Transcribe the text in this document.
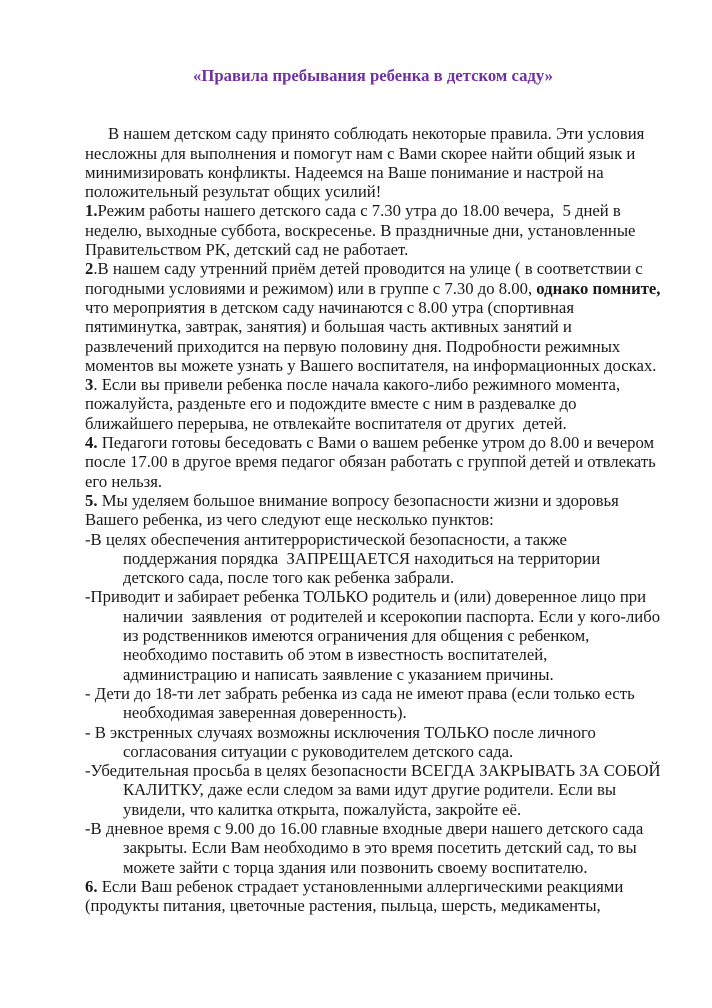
«Правила пребывания ребенка в детском саду»

В нашем детском саду принято соблюдать некоторые правила. Эти условия несложны для выполнения и помогут нам с Вами скорее найти общий язык и минимизировать конфликты. Надеемся на Ваше понимание и настрой на положительный результат общих усилий!

1.Режим работы нашего детского сада с 7.30 утра до 18.00 вечера,  5 дней в неделю, выходные суббота, воскресенье. В праздничные дни, установленные Правительством РК, детский сад не работает.

2.В нашем саду утренний приём детей проводится на улице ( в соответствии с погодными условиями и режимом) или в группе с 7.30 до 8.00, однако помните, что мероприятия в детском саду начинаются с 8.00 утра (спортивная пятиминутка, завтрак, занятия) и большая часть активных занятий и развлечений приходится на первую половину дня. Подробности режимных моментов вы можете узнать у Вашего воспитателя, на информационных досках.

3. Если вы привели ребенка после начала какого-либо режимного момента, пожалуйста, разденьте его и подождите вместе с ним в раздевалке до ближайшего перерыва, не отвлекайте воспитателя от других  детей.

4. Педагоги готовы беседовать с Вами о вашем ребенке утром до 8.00 и вечером после 17.00 в другое время педагог обязан работать с группой детей и отвлекать его нельзя.

5. Мы уделяем большое внимание вопросу безопасности жизни и здоровья Вашего ребенка, из чего следуют еще несколько пунктов:

-В целях обеспечения антитеррористической безопасности, а также поддержания порядка  ЗАПРЕЩАЕТСЯ находиться на территории детского сада, после того как ребенка забрали.

-Приводит и забирает ребенка ТОЛЬКО родитель и (или) доверенное лицо при наличии  заявления  от родителей и ксерокопии паспорта. Если у кого-либо из родственников имеются ограничения для общения с ребенком, необходимо поставить об этом в известность воспитателей, администрацию и написать заявление с указанием причины.

- Дети до 18-ти лет забрать ребенка из сада не имеют права (если только есть необходимая заверенная доверенность).

- В экстренных случаях возможны исключения ТОЛЬКО после личного согласования ситуации с руководителем детского сада.

-Убедительная просьба в целях безопасности ВСЕГДА ЗАКРЫВАТЬ ЗА СОБОЙ КАЛИТКУ, даже если следом за вами идут другие родители. Если вы увидели, что калитка открыта, пожалуйста, закройте её.

-В дневное время с 9.00 до 16.00 главные входные двери нашего детского сада закрыты. Если Вам необходимо в это время посетить детский сад, то вы можете зайти с торца здания или позвонить своему воспитателю.

6. Если Ваш ребенок страдает установленными аллергическими реакциями (продукты питания, цветочные растения, пыльца, шерсть, медикаменты,
